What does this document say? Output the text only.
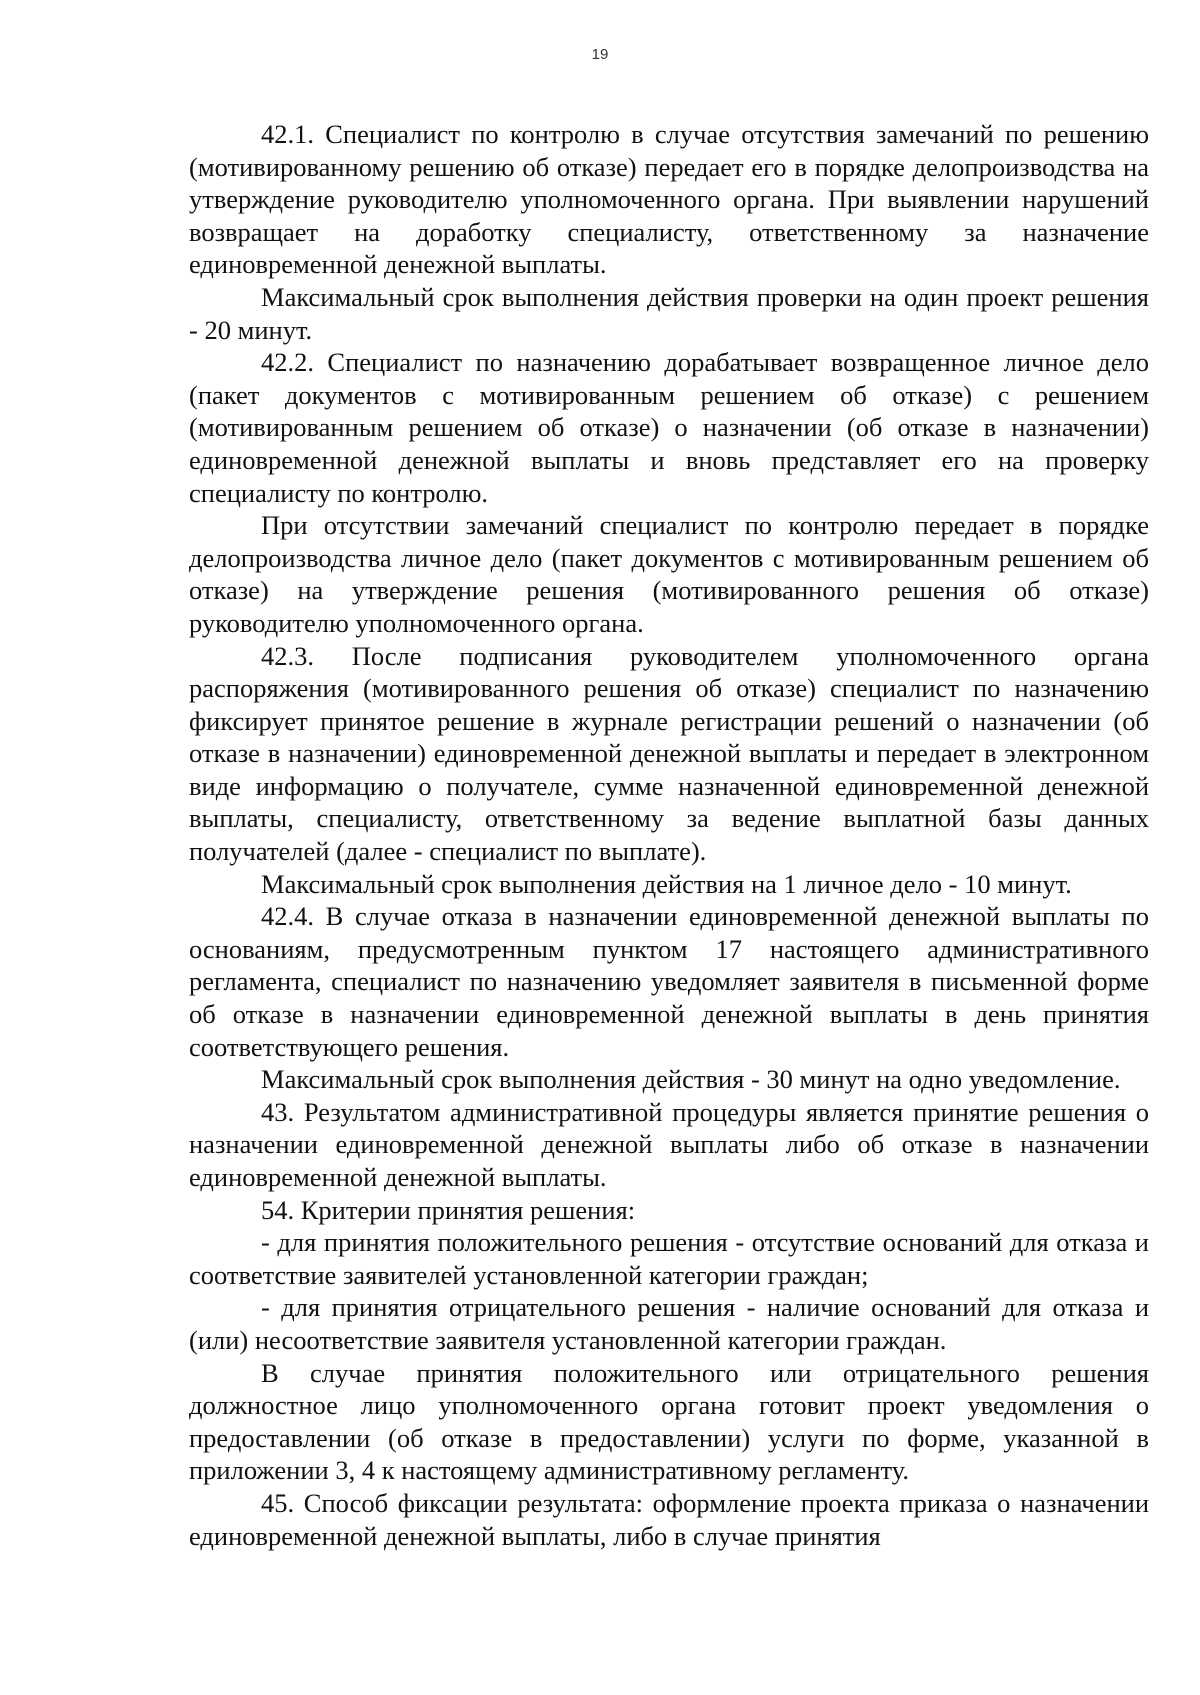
19

42.1. Специалист по контролю в случае отсутствия замечаний по решению (мотивированному решению об отказе) передает его в порядке делопроизводства на утверждение руководителю уполномоченного органа. При выявлении нарушений возвращает на доработку специалисту, ответственному за назначение единовременной денежной выплаты.

Максимальный срок выполнения действия проверки на один проект решения - 20 минут.

42.2. Специалист по назначению дорабатывает возвращенное личное дело (пакет документов с мотивированным решением об отказе) с решением (мотивированным решением об отказе) о назначении (об отказе в назначении) единовременной денежной выплаты и вновь представляет его на проверку специалисту по контролю.

При отсутствии замечаний специалист по контролю передает в порядке делопроизводства личное дело (пакет документов с мотивированным решением об отказе) на утверждение решения (мотивированного решения об отказе) руководителю уполномоченного органа.

42.3. После подписания руководителем уполномоченного органа распоряжения (мотивированного решения об отказе) специалист по назначению фиксирует принятое решение в журнале регистрации решений о назначении (об отказе в назначении) единовременной денежной выплаты и передает в электронном виде информацию о получателе, сумме назначенной единовременной денежной выплаты, специалисту, ответственному за ведение выплатной базы данных получателей (далее - специалист по выплате).

Максимальный срок выполнения действия на 1 личное дело - 10 минут.

42.4. В случае отказа в назначении единовременной денежной выплаты по основаниям, предусмотренным пунктом 17 настоящего административного регламента, специалист по назначению уведомляет заявителя в письменной форме об отказе в назначении единовременной денежной выплаты в день принятия соответствующего решения.

Максимальный срок выполнения действия - 30 минут на одно уведомление.

43. Результатом административной процедуры является принятие решения о назначении единовременной денежной выплаты либо об отказе в назначении единовременной денежной выплаты.

54. Критерии принятия решения:

- для принятия положительного решения - отсутствие оснований для отказа и соответствие заявителей установленной категории граждан;

- для принятия отрицательного решения - наличие оснований для отказа и (или) несоответствие заявителя установленной категории граждан.

В случае принятия положительного или отрицательного решения должностное лицо уполномоченного органа готовит проект уведомления о предоставлении (об отказе в предоставлении) услуги по форме, указанной в приложении 3, 4 к настоящему административному регламенту.

45. Способ фиксации результата: оформление проекта приказа о назначении единовременной денежной выплаты, либо в случае принятия
